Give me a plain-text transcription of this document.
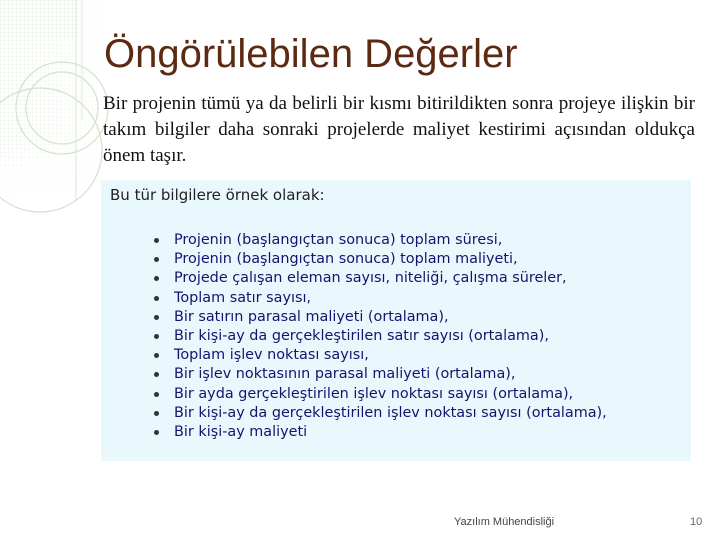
Öngörülebilen Değerler
Bir projenin tümü ya da belirli bir kısmı bitirildikten sonra projeye ilişkin bir takım bilgiler daha sonraki projelerde maliyet kestirimi açısından oldukça önem taşır.
Bu tür bilgilere örnek olarak:
Projenin (başlangıçtan sonuca) toplam süresi,
Projenin (başlangıçtan sonuca) toplam maliyeti,
Projede çalışan eleman sayısı, niteliği, çalışma süreler,
Toplam satır sayısı,
Bir satırın parasal maliyeti (ortalama),
Bir kişi-ay da gerçekleştirilen satır sayısı (ortalama),
Toplam işlev noktası sayısı,
Bir işlev noktasının parasal maliyeti (ortalama),
Bir ayda gerçekleştirilen işlev noktası sayısı (ortalama),
Bir kişi-ay da gerçekleştirilen işlev noktası sayısı (ortalama),
Bir kişi-ay maliyeti
Yazılım Mühendisliği	10
